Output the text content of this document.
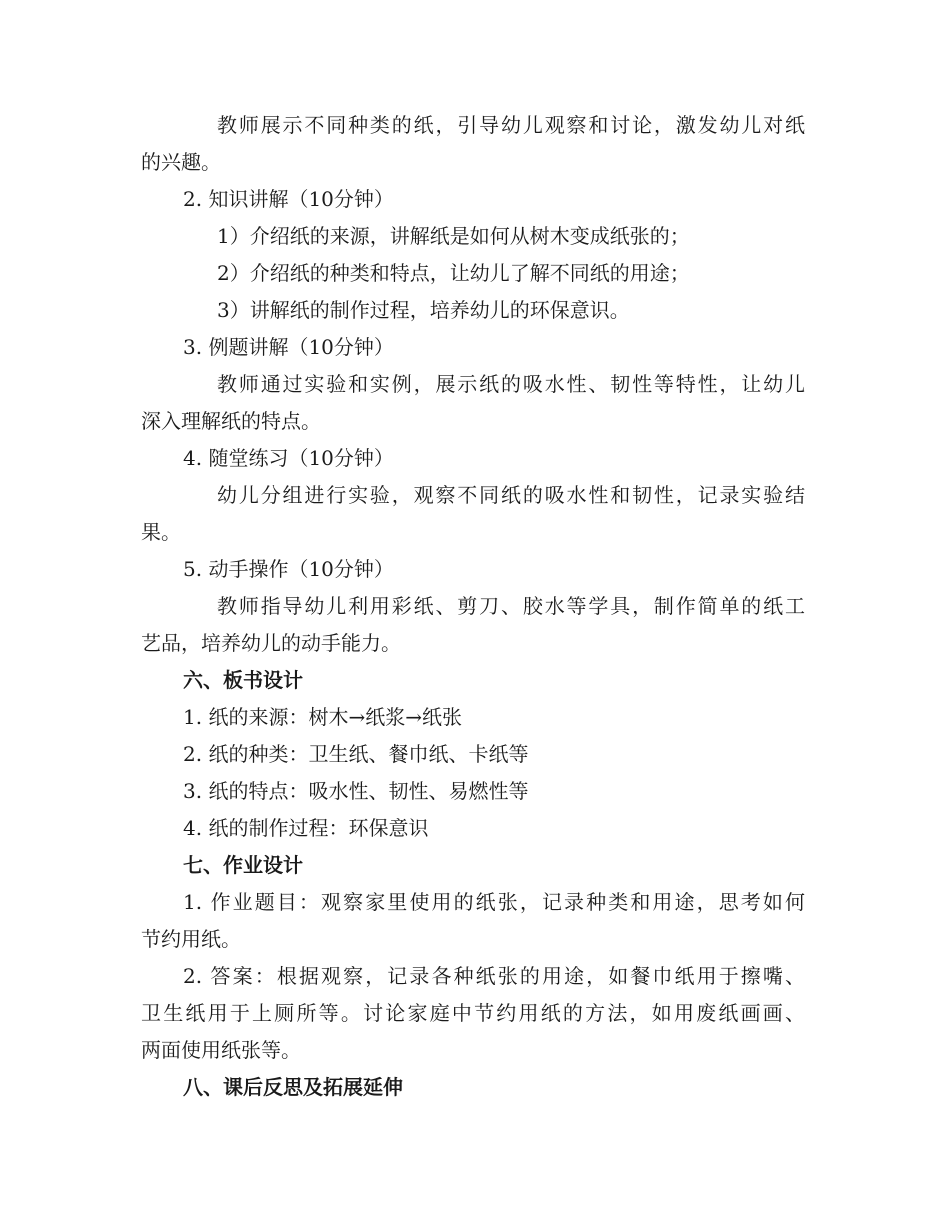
教师展示不同种类的纸，引导幼儿观察和讨论，激发幼儿对纸
的兴趣。
2. 知识讲解（10分钟）
1）介绍纸的来源，讲解纸是如何从树木变成纸张的；
2）介绍纸的种类和特点，让幼儿了解不同纸的用途；
3）讲解纸的制作过程，培养幼儿的环保意识。
3. 例题讲解（10分钟）
教师通过实验和实例，展示纸的吸水性、韧性等特性，让幼儿
深入理解纸的特点。
4. 随堂练习（10分钟）
幼儿分组进行实验，观察不同纸的吸水性和韧性，记录实验结
果。
5. 动手操作（10分钟）
教师指导幼儿利用彩纸、剪刀、胶水等学具，制作简单的纸工
艺品，培养幼儿的动手能力。
六、板书设计
1. 纸的来源：树木→纸浆→纸张
2. 纸的种类：卫生纸、餐巾纸、卡纸等
3. 纸的特点：吸水性、韧性、易燃性等
4. 纸的制作过程：环保意识
七、作业设计
1. 作业题目：观察家里使用的纸张，记录种类和用途，思考如何
节约用纸。
2. 答案：根据观察，记录各种纸张的用途，如餐巾纸用于擦嘴、
卫生纸用于上厕所等。讨论家庭中节约用纸的方法，如用废纸画画、
两面使用纸张等。
八、课后反思及拓展延伸
